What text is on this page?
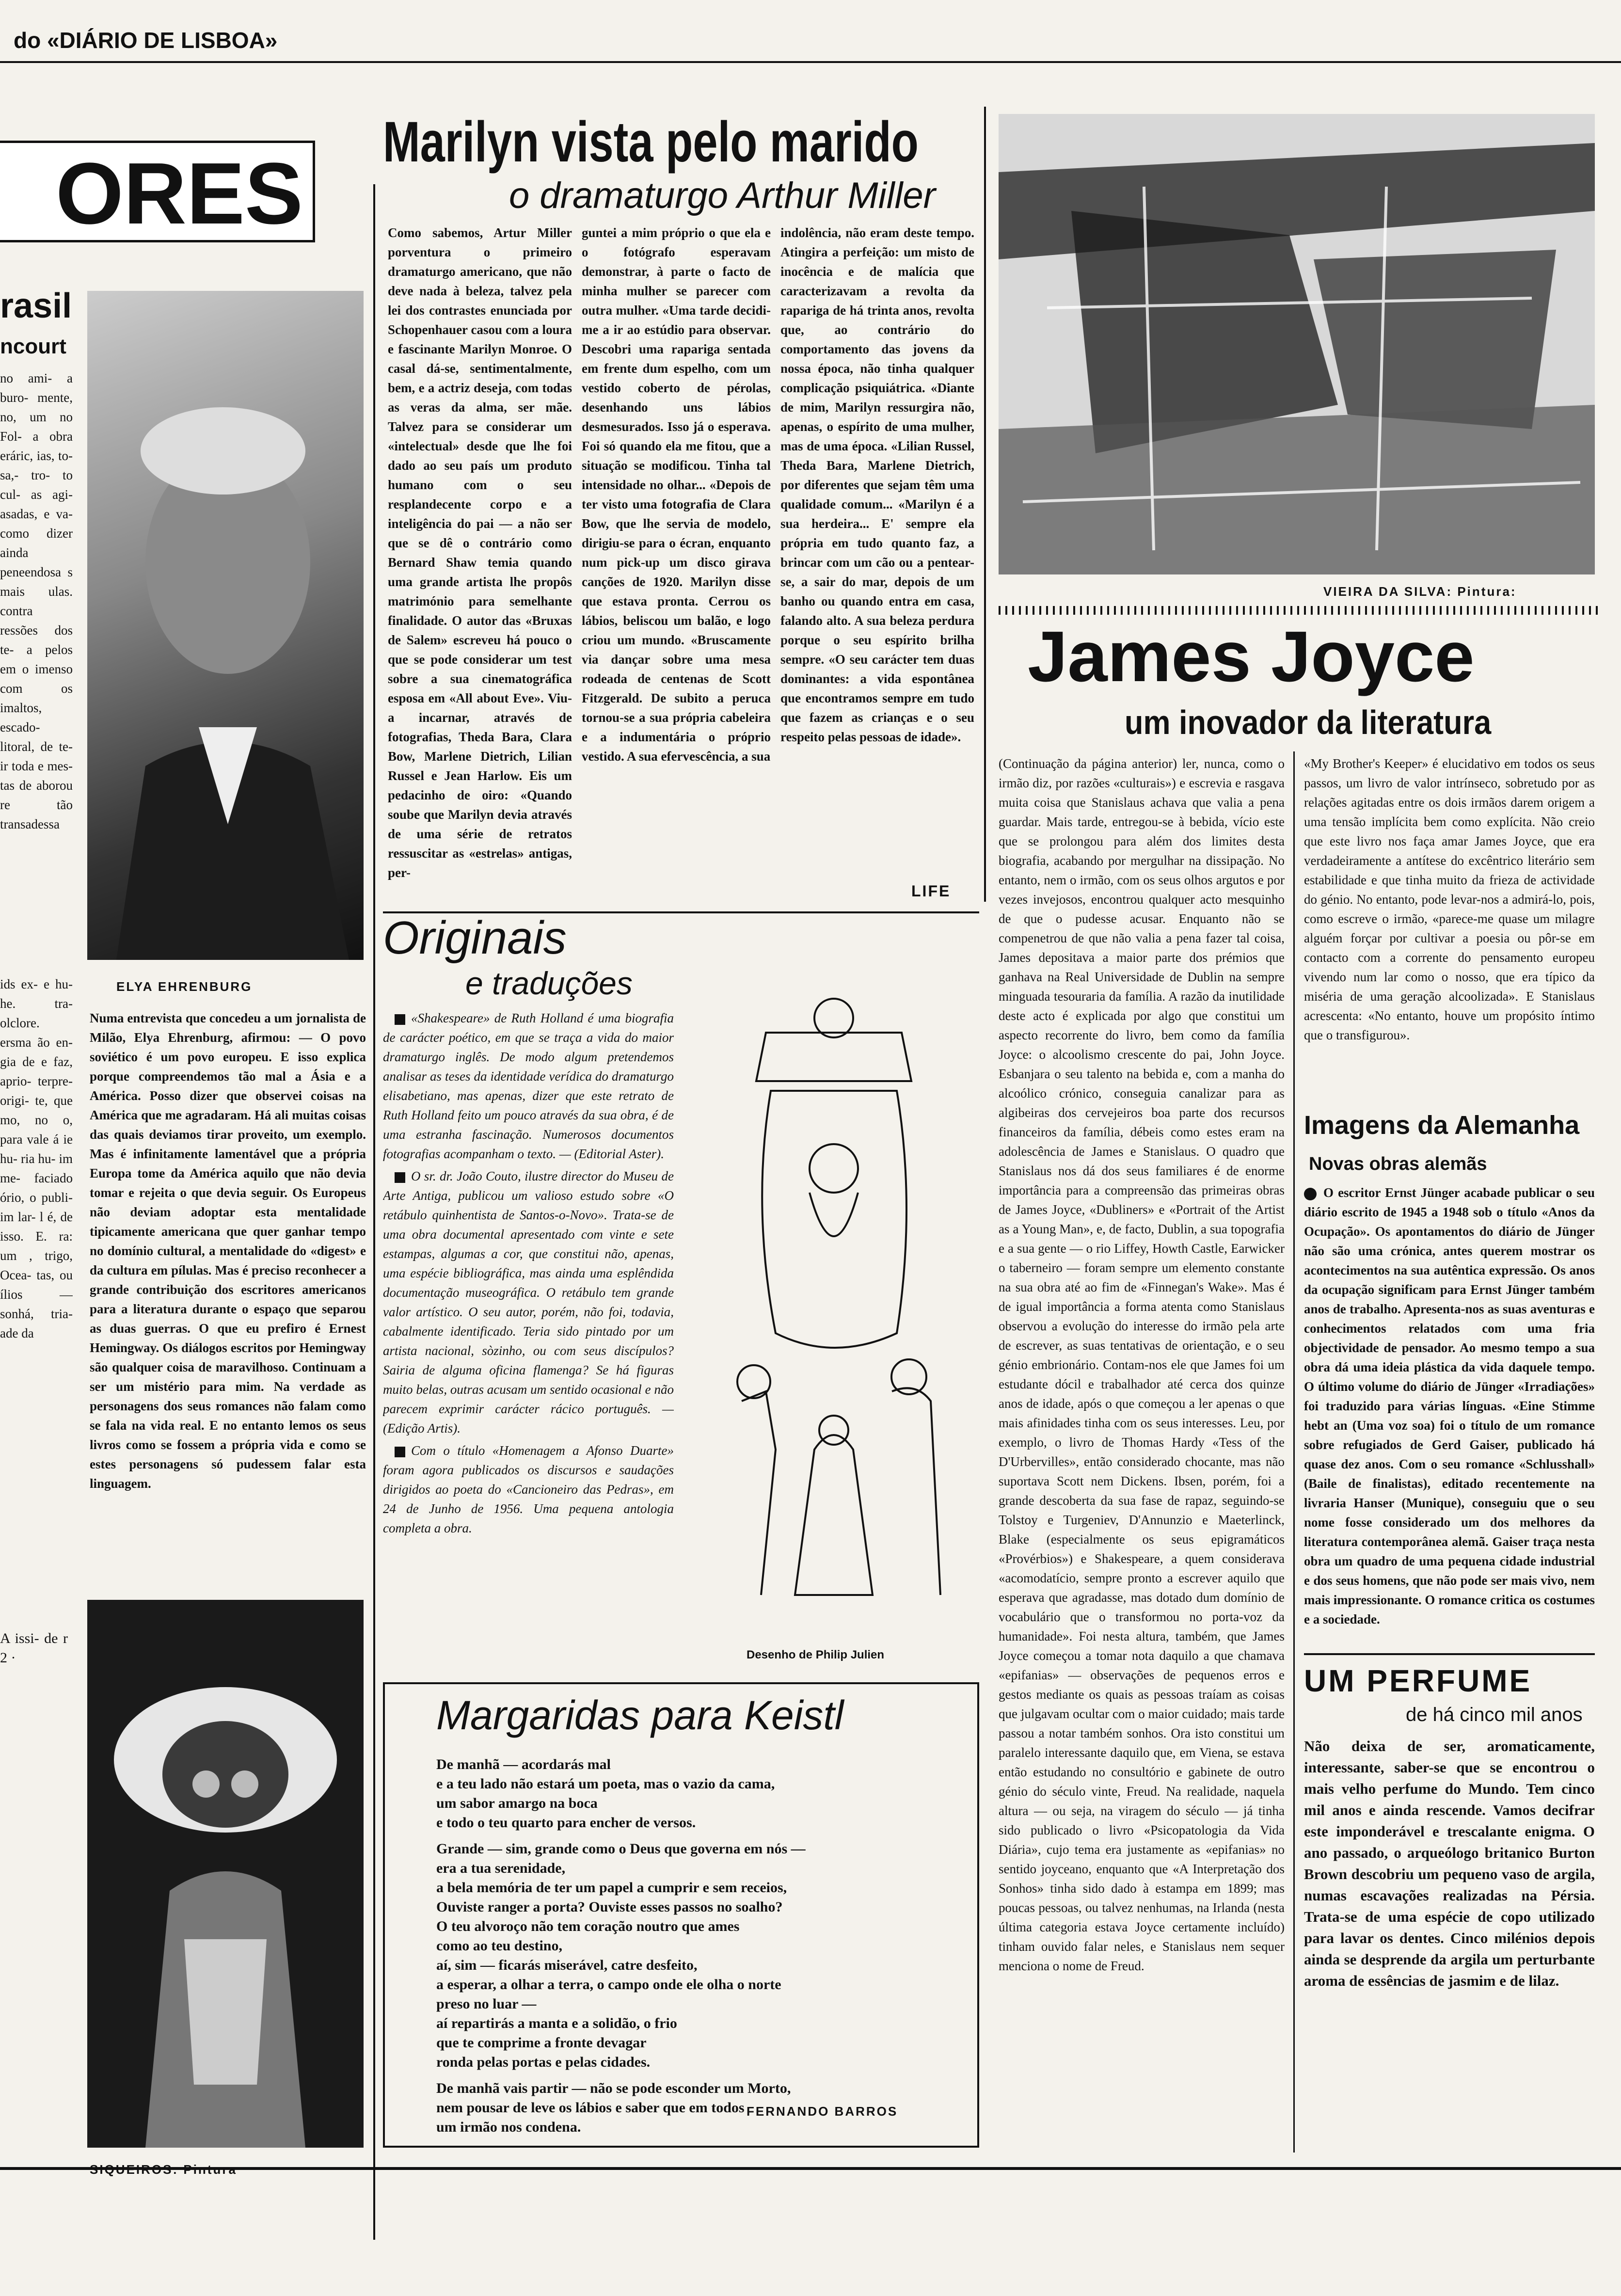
do «DIÁRIO DE LISBOA»
ORES
rasil
ncourt
no ami- a buro- mente, no, um no Fol- a obra eráric, ias, to- sa,- tro- to cul- as agi- asadas, e va- como dizer ainda peneendosa s mais ulas. contra ressões dos te- a pelos em o imenso com os imaltos, escado- litoral, de te- ir toda e mes- tas de aborou re tão transadessa
ids ex- e hu- he. tra- olclore. ersma ão en- gia de e faz, aprio- terpre- origi- te, que mo, no o, para vale á ie hu- ria hu- im me- faciado ório, o publi- im lar- l é, de isso. E. ra: um , trigo, Ocea- tas, ou ílios — sonhá, tria- ade da
ELYA EHRENBURG
Numa entrevista que concedeu a um jornalista de Milão, Elya Ehrenburg, afirmou: — O povo soviético é um povo europeu. E isso explica porque compreendemos tão mal a Ásia e a América. Posso dizer que observei coisas na América que me agradaram. Há ali muitas coisas das quais deviamos tirar proveito, um exemplo. Mas é infinitamente lamentável que a própria Europa tome da América aquilo que não devia tomar e rejeita o que devia seguir. Os Europeus não deviam adoptar esta mentalidade tipicamente americana que quer ganhar tempo no domínio cultural, a mentalidade do «digest» e da cultura em pílulas. Mas é preciso reconhecer a grande contribuição dos escritores americanos para a literatura durante o espaço que separou as duas guerras. O que eu prefiro é Ernest Hemingway. Os diálogos escritos por Hemingway são qualquer coisa de maravilhoso. Continuam a ser um mistério para mim. Na verdade as personagens dos seus romances não falam como se fala na vida real. E no entanto lemos os seus livros como se fossem a própria vida e como se estes personagens só pudessem falar esta linguagem.
A issi- de r 2 ·
Marilyn vista pelo marido
o dramaturgo Arthur Miller
Como sabemos, Artur Miller porventura o primeiro dramaturgo americano, que não deve nada à beleza, talvez pela lei dos contrastes enunciada por Schopenhauer casou com a loura e fascinante Marilyn Monroe. O casal dá-se, sentimentalmente, bem, e a actriz deseja, com todas as veras da alma, ser mãe. Talvez para se considerar um «intelectual» desde que lhe foi dado ao seu país um produto humano com o seu resplandecente corpo e a inteligência do pai — a não ser que se dê o contrário como Bernard Shaw temia quando uma grande artista lhe propôs matrimónio para semelhante finalidade. O autor das «Bruxas de Salem» escreveu há pouco o que se pode considerar um test sobre a sua cinematográfica esposa em «All about Eve». Viu-a incarnar, através de fotografias, Theda Bara, Clara Bow, Marlene Dietrich, Lilian Russel e Jean Harlow. Eis um pedacinho de oiro: «Quando soube que Marilyn devia através de uma série de retratos ressuscitar as «estrelas» antigas, per-
guntei a mim próprio o que ela e o fotógrafo esperavam demonstrar, à parte o facto de minha mulher se parecer com outra mulher. «Uma tarde decidi-me a ir ao estúdio para observar. Descobri uma rapariga sentada em frente dum espelho, com um vestido coberto de pérolas, desenhando uns lábios desmesurados. Isso já o esperava. Foi só quando ela me fitou, que a situação se modificou. Tinha tal intensidade no olhar... «Depois de ter visto uma fotografia de Clara Bow, que lhe servia de modelo, dirigiu-se para o écran, enquanto num pick-up um disco girava canções de 1920. Marilyn disse que estava pronta. Cerrou os lábios, beliscou um balão, e logo criou um mundo. «Bruscamente via dançar sobre uma mesa rodeada de centenas de Scott Fitzgerald. De subito a peruca tornou-se a sua própria cabeleira e a indumentária o próprio vestido. A sua efervescência, a sua
indolência, não eram deste tempo. Atingira a perfeição: um misto de inocência e de malícia que caracterizavam a revolta da rapariga de há trinta anos, revolta que, ao contrário do comportamento das jovens da nossa época, não tinha qualquer complicação psiquiátrica. «Diante de mim, Marilyn ressurgira não, apenas, o espírito de uma mulher, mas de uma época. «Lilian Russel, Theda Bara, Marlene Dietrich, por diferentes que sejam têm uma qualidade comum... «Marilyn é a sua herdeira... E' sempre ela própria em tudo quanto faz, a brincar com um cão ou a pentear-se, a sair do mar, depois de um banho ou quando entra em casa, falando alto. A sua beleza perdura porque o seu espírito brilha sempre. «O seu carácter tem duas dominantes: a vida espontânea que encontramos sempre em tudo que fazem as crianças e o seu respeito pelas pessoas de idade».
LIFE
VIEIRA DA SILVA: Pintura:
James Joyce
um inovador da literatura
(Continuação da página anterior) ler, nunca, como o irmão diz, por razões «culturais») e escrevia e rasgava muita coisa que Stanislaus achava que valia a pena guardar. Mais tarde, entregou-se à bebida, vício este que se prolongou para além dos limites desta biografia, acabando por mergulhar na dissipação. No entanto, nem o irmão, com os seus olhos argutos e por vezes invejosos, encontrou qualquer acto mesquinho de que o pudesse acusar. Enquanto não se compenetrou de que não valia a pena fazer tal coisa, James depositava a maior parte dos prémios que ganhava na Real Universidade de Dublin na sempre minguada tesouraria da família. A razão da inutilidade deste acto é explicada por algo que constitui um aspecto recorrente do livro, bem como da família Joyce: o alcoolismo crescente do pai, John Joyce. Esbanjara o seu talento na bebida e, com a manha do alcoólico crónico, conseguia canalizar para as algibeiras dos cervejeiros boa parte dos recursos financeiros da família, débeis como estes eram na adolescência de James e Stanislaus. O quadro que Stanislaus nos dá dos seus familiares é de enorme importância para a compreensão das primeiras obras de James Joyce, «Dubliners» e «Portrait of the Artist as a Young Man», e, de facto, Dublin, a sua topografia e a sua gente — o rio Liffey, Howth Castle, Earwicker o taberneiro — foram sempre um elemento constante na sua obra até ao fim de «Finnegan's Wake». Mas é de igual importância a forma atenta como Stanislaus observou a evolução do interesse do irmão pela arte de escrever, as suas tentativas de orientação, e o seu génio embrionário. Contam-nos ele que James foi um estudante dócil e trabalhador até cerca dos quinze anos de idade, após o que começou a ler apenas o que mais afinidades tinha com os seus interesses. Leu, por exemplo, o livro de Thomas Hardy «Tess of the D'Urbervilles», então considerado chocante, mas não suportava Scott nem Dickens. Ibsen, porém, foi a grande descoberta da sua fase de rapaz, seguindo-se Tolstoy e Turgeniev, D'Annunzio e Maeterlinck, Blake (especialmente os seus epigramáticos «Provérbios») e Shakespeare, a quem considerava «acomodatício, sempre pronto a escrever aquilo que esperava que agradasse, mas dotado dum domínio de vocabulário que o transformou no porta-voz da humanidade». Foi nesta altura, também, que James Joyce começou a tomar nota daquilo a que chamava «epifanias» — observações de pequenos erros e gestos mediante os quais as pessoas traíam as coisas que julgavam ocultar com o maior cuidado; mais tarde passou a notar também sonhos. Ora isto constitui um paralelo interessante daquilo que, em Viena, se estava então estudando no consultório e gabinete de outro génio do século vinte, Freud. Na realidade, naquela altura — ou seja, na viragem do século — já tinha sido publicado o livro «Psicopatologia da Vida Diária», cujo tema era justamente as «epifanias» no sentido joyceano, enquanto que «A Interpretação dos Sonhos» tinha sido dado à estampa em 1899; mas poucas pessoas, ou talvez nenhumas, na Irlanda (nesta última categoria estava Joyce certamente incluído) tinham ouvido falar neles, e Stanislaus nem sequer menciona o nome de Freud.
«My Brother's Keeper» é elucidativo em todos os seus passos, um livro de valor intrínseco, sobretudo por as relações agitadas entre os dois irmãos darem origem a uma tensão implícita bem como explícita. Não creio que este livro nos faça amar James Joyce, que era verdadeiramente a antítese do excêntrico literário sem estabilidade e que tinha muito da frieza de actividade do génio. No entanto, pode levar-nos a admirá-lo, pois, como escreve o irmão, «parece-me quase um milagre alguém forçar por cultivar a poesia ou pôr-se em contacto com a corrente do pensamento europeu vivendo num lar como o nosso, que era típico da miséria de uma geração alcoolizada». E Stanislaus acrescenta: «No entanto, houve um propósito íntimo que o transfigurou».
Imagens da Alemanha
Novas obras alemãs
O escritor Ernst Jünger acabade publicar o seu diário escrito de 1945 a 1948 sob o título «Anos da Ocupação». Os apontamentos do diário de Jünger não são uma crónica, antes querem mostrar os acontecimentos na sua autêntica expressão. Os anos da ocupação significam para Ernst Jünger também anos de trabalho. Apresenta-nos as suas aventuras e conhecimentos relatados com uma fria objectividade de pensador. Ao mesmo tempo a sua obra dá uma ideia plástica da vida daquele tempo. O último volume do diário de Jünger «Irradiações» foi traduzido para várias línguas. «Eine Stimme hebt an (Uma voz soa) foi o título de um romance sobre refugiados de Gerd Gaiser, publicado há quase dez anos. Com o seu romance «Schlusshall» (Baile de finalistas), editado recentemente na livraria Hanser (Munique), conseguiu que o seu nome fosse considerado um dos melhores da literatura contemporânea alemã. Gaiser traça nesta obra um quadro de uma pequena cidade industrial e dos seus homens, que não pode ser mais vivo, nem mais impressionante. O romance critica os costumes e a sociedade.
UM PERFUME
de há cinco mil anos
Não deixa de ser, aromaticamente, interessante, saber-se que se encontrou o mais velho perfume do Mundo. Tem cinco mil anos e ainda rescende. Vamos decifrar este imponderável e trescalante enigma. O ano passado, o arqueólogo britanico Burton Brown descobriu um pequeno vaso de argila, numas escavações realizadas na Pérsia. Trata-se de uma espécie de copo utilizado para lavar os dentes. Cinco milénios depois ainda se desprende da argila um perturbante aroma de essências de jasmim e de lilaz.
Originais
e traduções

«Shakespeare» de Ruth Holland é uma biografia de carácter poético, em que se traça a vida do maior dramaturgo inglês. De modo algum pretendemos analisar as teses da identidade verídica do dramaturgo elisabetiano, mas apenas, dizer que este retrato de Ruth Holland feito um pouco através da sua obra, é de uma estranha fascinação. Numerosos documentos fotografias acompanham o texto. — (Editorial Aster).

O sr. dr. João Couto, ilustre director do Museu de Arte Antiga, publicou um valioso estudo sobre «O retábulo quinhentista de Santos-o-Novo». Trata-se de uma obra documental apresentado com vinte e sete estampas, algumas a cor, que constitui não, apenas, uma espécie bibliográfica, mas ainda uma esplêndida documentação museográfica. O retábulo tem grande valor artístico. O seu autor, porém, não foi, todavia, cabalmente identificado. Teria sido pintado por um artista nacional, sòzinho, ou com seus discípulos? Sairia de alguma oficina flamenga? Se há figuras muito belas, outras acusam um sentido ocasional e não parecem exprimir carácter rácico português. — (Edição Artis).

Com o título «Homenagem a Afonso Duarte» foram agora publicados os discursos e saudações dirigidos ao poeta do «Cancioneiro das Pedras», em 24 de Junho de 1956. Uma pequena antologia completa a obra.

Desenho de Philip Julien
Margaridas para Keistl

De manhã — acordarás mal

e a teu lado não estará um poeta, mas o vazio da cama,

um sabor amargo na boca

e todo o teu quarto para encher de versos.

Grande — sim, grande como o Deus que governa em nós —

era a tua serenidade,

a bela memória de ter um papel a cumprir e sem receios,

Ouviste ranger a porta? Ouviste esses passos no soalho?

O teu alvoroço não tem coração noutro que ames

como ao teu destino,

aí, sim — ficarás miserável, catre desfeito,

a esperar, a olhar a terra, o campo onde ele olha o norte

preso no luar —

aí repartirás a manta e a solidão, o frio

que te comprime a fronte devagar

ronda pelas portas e pelas cidades.

De manhã vais partir — não se pode esconder um Morto,

nem pousar de leve os lábios e saber que em todos

um irmão nos condena.

FERNANDO BARROS
